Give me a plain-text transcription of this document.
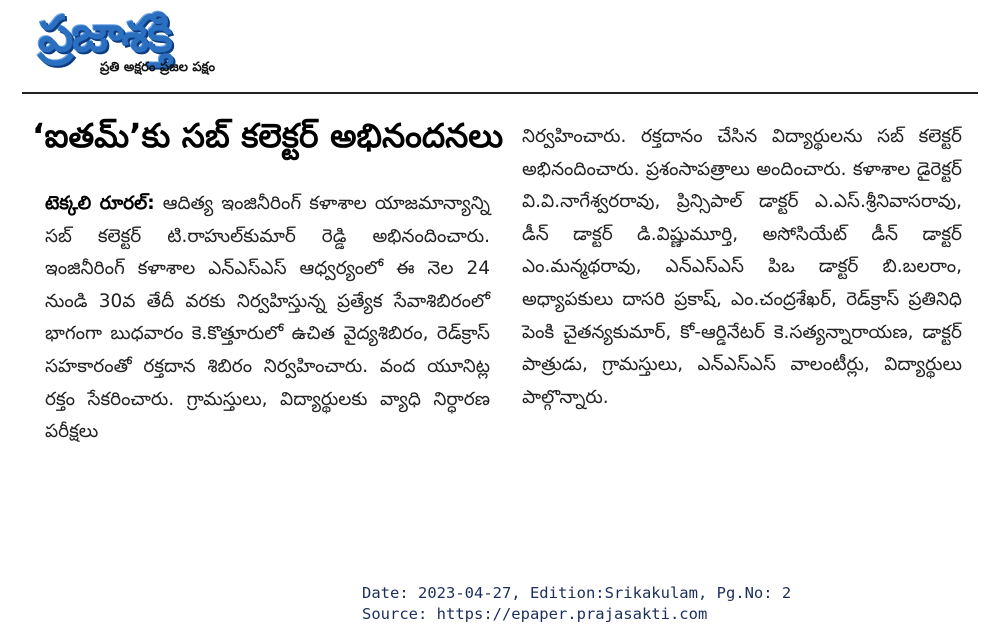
ప్రజాశక్తి
ప్రతి అక్షరం ప్రజల పక్షం
‘ఐతమ్’కు సబ్ కలెక్టర్ అభినందనలు
టెక్కలి రూరల్: ఆదిత్య ఇంజినీరింగ్ కళాశాల యాజమాన్యాన్ని సబ్ కలెక్టర్ టి.రాహుల్‌కుమార్ రెడ్డి అభినందించారు. ఇంజినీరింగ్ కళాశాల ఎన్‌ఎస్‌ఎస్ ఆధ్వర్యంలో ఈ నెల 24 నుండి 30వ తేదీ వరకు నిర్వహిస్తున్న ప్రత్యేక సేవాశిబిరంలో భాగంగా బుధవారం కె.కొత్తూరులో ఉచిత వైద్యశిబిరం, రెడ్‌క్రాస్ సహకారంతో రక్తదాన శిబిరం నిర్వహించారు. వంద యూనిట్ల రక్తం సేకరించారు. గ్రామస్తులు, విద్యార్థులకు వ్యాధి నిర్ధారణ పరీక్షలు
నిర్వహించారు. రక్తదానం చేసిన విద్యార్థులను సబ్ కలెక్టర్ అభినందించారు. ప్రశంసాపత్రాలు అందించారు. కళాశాల డైరెక్టర్ వి.వి.నాగేశ్వరరావు, ప్రిన్సిపాల్ డాక్టర్ ఎ.ఎస్.శ్రీనివాసరావు, డీన్ డాక్టర్ డి.విష్ణుమూర్తి, అసోసియేట్ డీన్ డాక్టర్ ఎం.మన్మథరావు, ఎన్‌ఎస్‌ఎస్ పిఒ డాక్టర్ బి.బలరాం, అధ్యాపకులు దాసరి ప్రకాష్, ఎం.చంద్రశేఖర్, రెడ్‌క్రాస్ ప్రతినిధి పెంకి చైతన్యకుమార్, కో-ఆర్డినేటర్ కె.సత్యన్నారాయణ, డాక్టర్ పాత్రుడు, గ్రామస్తులు, ఎన్‌ఎస్‌ఎస్ వాలంటీర్లు, విద్యార్థులు పాల్గొన్నారు.
Date: 2023-04-27, Edition:Srikakulam, Pg.No: 2
Source: https://epaper.prajasakti.com
